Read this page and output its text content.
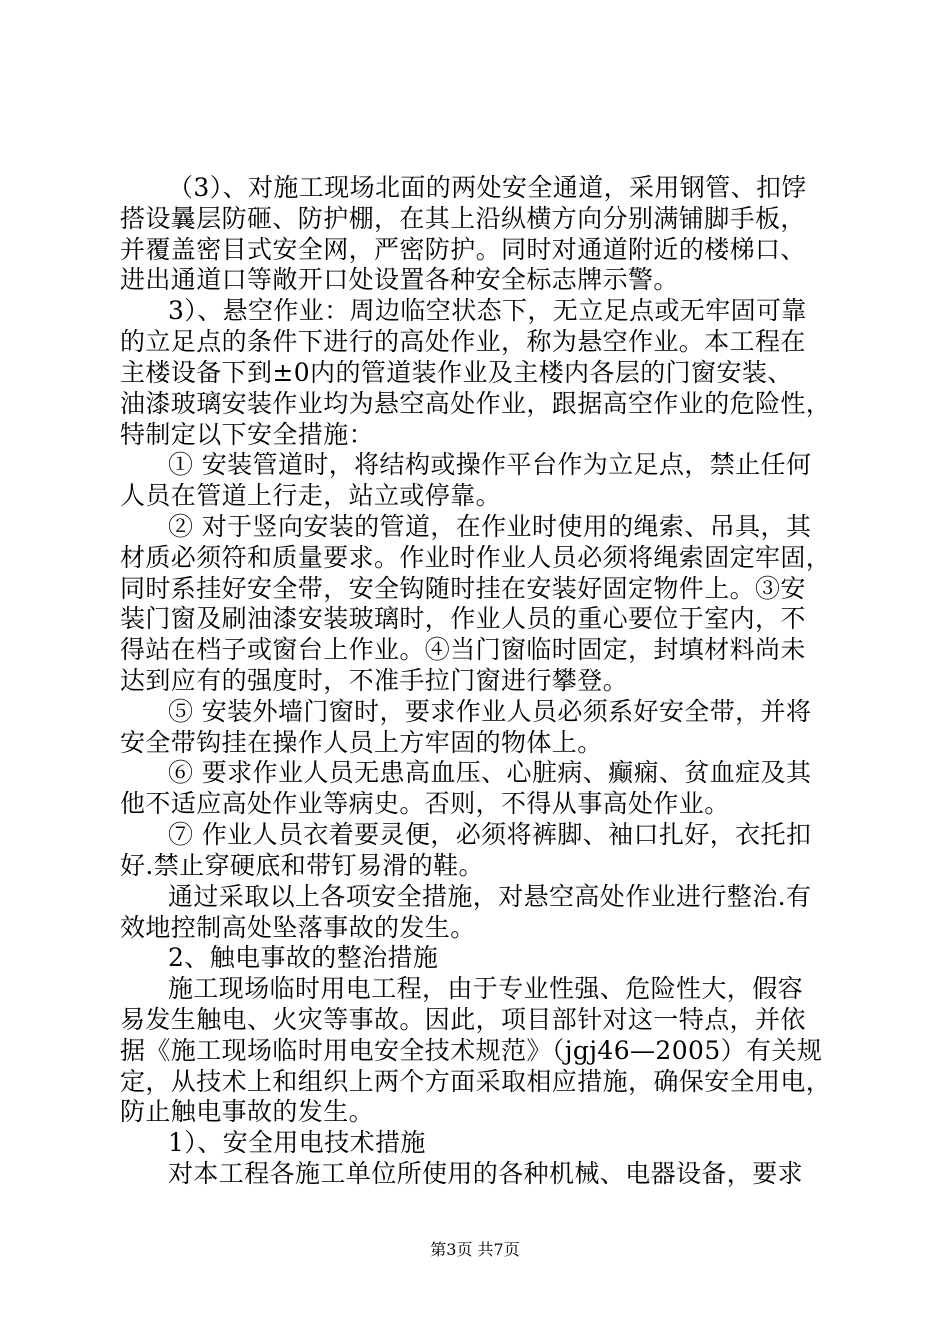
（3）、对施工现场北面的两处安全通道，采用钢管、扣饽
搭设曩层防砸、防护棚，在其上沿纵横方向分别满铺脚手板，
并覆盖密目式安全网，严密防护。同时对通道附近的楼梯口、
进出通道口等敞开口处设置各种安全标志牌示警。
3）、悬空作业：周边临空状态下，无立足点或无牢固可靠
的立足点的条件下进行的高处作业，称为悬空作业。本工程在
主楼设备下到±0内的管道装作业及主楼内各层的门窗安装、
油漆玻璃安装作业均为悬空高处作业，跟据高空作业的危险性，
特制定以下安全措施：
① 安装管道时，将结构或操作平台作为立足点，禁止任何
人员在管道上行走，站立或停靠。
② 对于竖向安装的管道，在作业时使用的绳索、吊具，其
材质必须符和质量要求。作业时作业人员必须将绳索固定牢固，
同时系挂好安全带，安全钩随时挂在安装好固定物件上。③安
装门窗及刷油漆安装玻璃时，作业人员的重心要位于室内，不
得站在档子或窗台上作业。④当门窗临时固定，封填材料尚未
达到应有的强度时，不准手拉门窗进行攀登。
⑤ 安装外墙门窗时，要求作业人员必须系好安全带，并将
安全带钩挂在操作人员上方牢固的物体上。
⑥ 要求作业人员无患高血压、心脏病、癫痫、贫血症及其
他不适应高处作业等病史。否则，不得从事高处作业。
⑦ 作业人员衣着要灵便，必须将裤脚、袖口扎好，衣托扣
好.禁止穿硬底和带钉易滑的鞋。
通过采取以上各项安全措施，对悬空高处作业进行整治.有
效地控制高处坠落事故的发生。
2、触电事故的整治措施
施工现场临时用电工程，由于专业性强、危险性大，假容
易发生触电、火灾等事故。因此，项目部针对这一特点，并依
据《施工现场临时用电安全技术规范》（jgj46—2005）有关规
定，从技术上和组织上两个方面采取相应措施，确保安全用电，
防止触电事故的发生。
1）、安全用电技术措施
对本工程各施工单位所使用的各种机械、电器设备，要求
第3页 共7页
